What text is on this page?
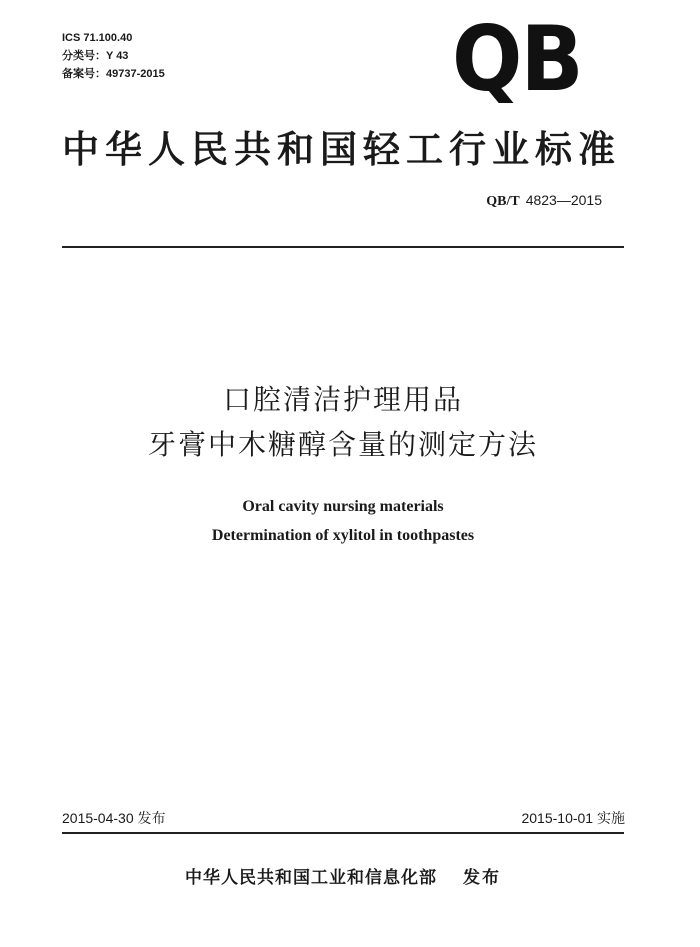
ICS 71.100.40
分类号：Y 43
备案号：49737-2015	QB
中华人民共和国轻工行业标准
QB/T 4823—2015
口腔清洁护理用品
牙膏中木糖醇含量的测定方法
Oral cavity nursing materials
Determination of xylitol in toothpastes
2015-04-30 发布	2015-10-01 实施
中华人民共和国工业和信息化部 发布
